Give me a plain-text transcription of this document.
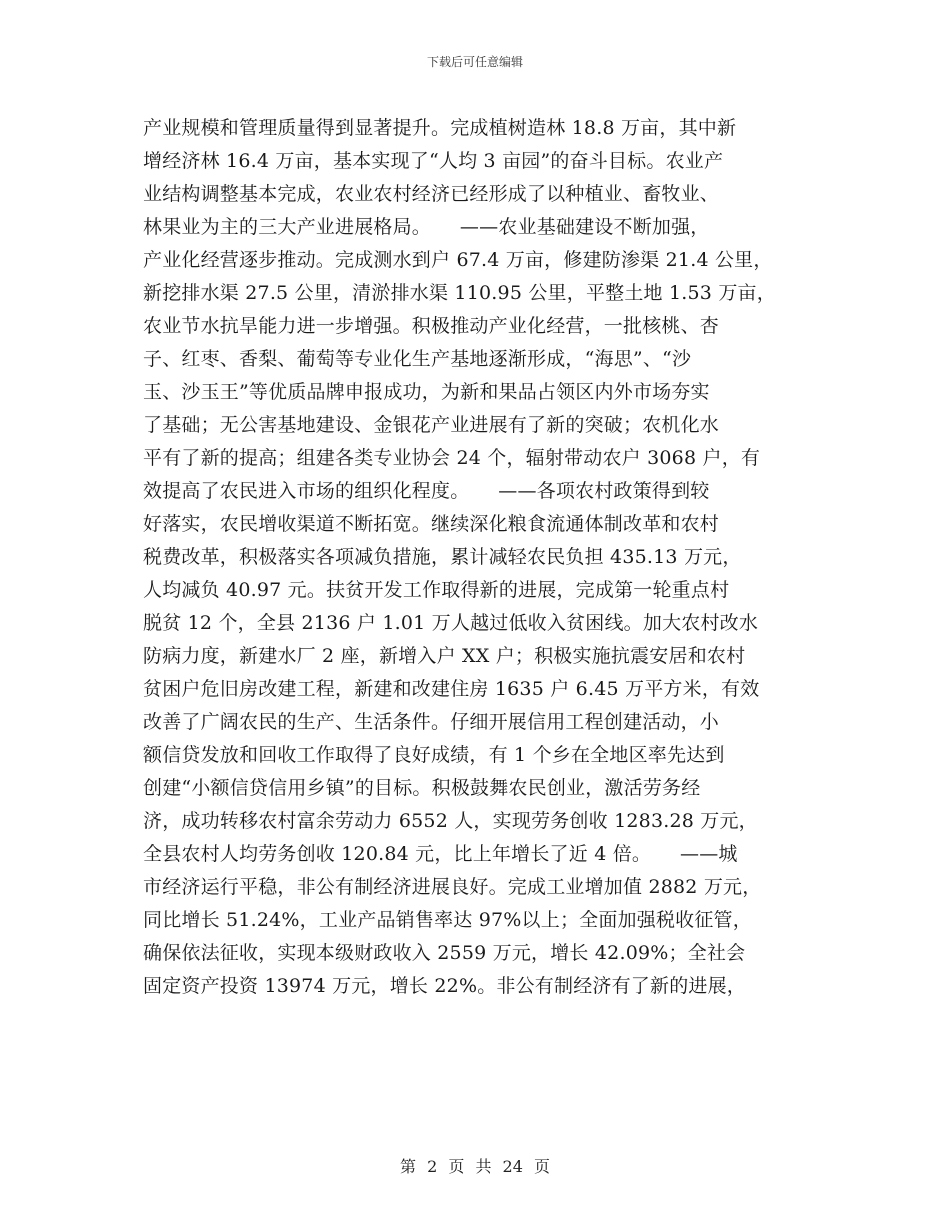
下载后可任意编辑
产业规模和管理质量得到显著提升。完成植树造林 18.8 万亩，其中新
增经济林 16.4 万亩，基本实现了“人均 3 亩园”的奋斗目标。农业产
业结构调整基本完成，农业农村经济已经形成了以种植业、畜牧业、
林果业为主的三大产业进展格局。　　——农业基础建设不断加强，
产业化经营逐步推动。完成测水到户 67.4 万亩，修建防渗渠 21.4 公里，
新挖排水渠 27.5 公里，清淤排水渠 110.95 公里，平整土地 1.53 万亩，
农业节水抗旱能力进一步增强。积极推动产业化经营，一批核桃、杏
子、红枣、香梨、葡萄等专业化生产基地逐渐形成，“海思”、“沙
玉、沙玉王”等优质品牌申报成功，为新和果品占领区内外市场夯实
了基础；无公害基地建设、金银花产业进展有了新的突破；农机化水
平有了新的提高；组建各类专业协会 24 个，辐射带动农户 3068 户，有
效提高了农民进入市场的组织化程度。　　——各项农村政策得到较
好落实，农民增收渠道不断拓宽。继续深化粮食流通体制改革和农村
税费改革，积极落实各项减负措施，累计减轻农民负担 435.13 万元，
人均减负 40.97 元。扶贫开发工作取得新的进展，完成第一轮重点村
脱贫 12 个，全县 2136 户 1.01 万人越过低收入贫困线。加大农村改水
防病力度，新建水厂 2 座，新增入户 XX 户；积极实施抗震安居和农村
贫困户危旧房改建工程，新建和改建住房 1635 户 6.45 万平方米，有效
改善了广阔农民的生产、生活条件。仔细开展信用工程创建活动，小
额信贷发放和回收工作取得了良好成绩，有 1 个乡在全地区率先达到
创建“小额信贷信用乡镇”的目标。积极鼓舞农民创业，激活劳务经
济，成功转移农村富余劳动力 6552 人，实现劳务创收 1283.28 万元，
全县农村人均劳务创收 120.84 元，比上年增长了近 4 倍。　　——城
市经济运行平稳，非公有制经济进展良好。完成工业增加值 2882 万元，
同比增长 51.24%，工业产品销售率达 97%以上；全面加强税收征管，
确保依法征收，实现本级财政收入 2559 万元，增长 42.09%；全社会
固定资产投资 13974 万元，增长 22%。非公有制经济有了新的进展，
第 2 页 共 24 页
